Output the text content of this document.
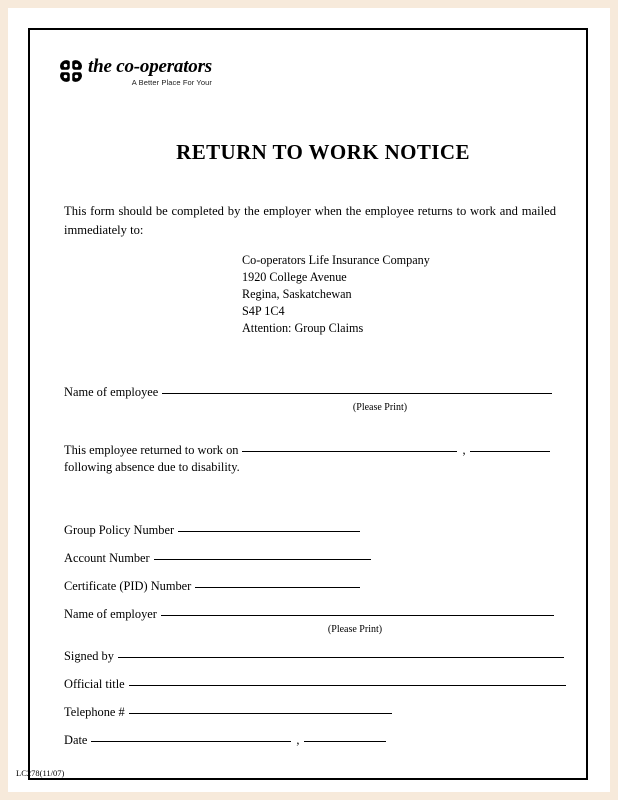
the co-operators
A Better Place For Your
RETURN TO WORK NOTICE
This form should be completed by the employer when the employee returns to work and mailed immediately to:
Co-operators Life Insurance Company
1920 College Avenue
Regina, Saskatchewan
S4P 1C4
Attention: Group Claims
Name of employee
(Please Print)
This employee returned to work on	,
following absence due to disability.
Group Policy Number
Account Number
Certificate (PID) Number
Name of employer
(Please Print)
Signed by
Official title
Telephone #
Date	,
LC278(11/07)
